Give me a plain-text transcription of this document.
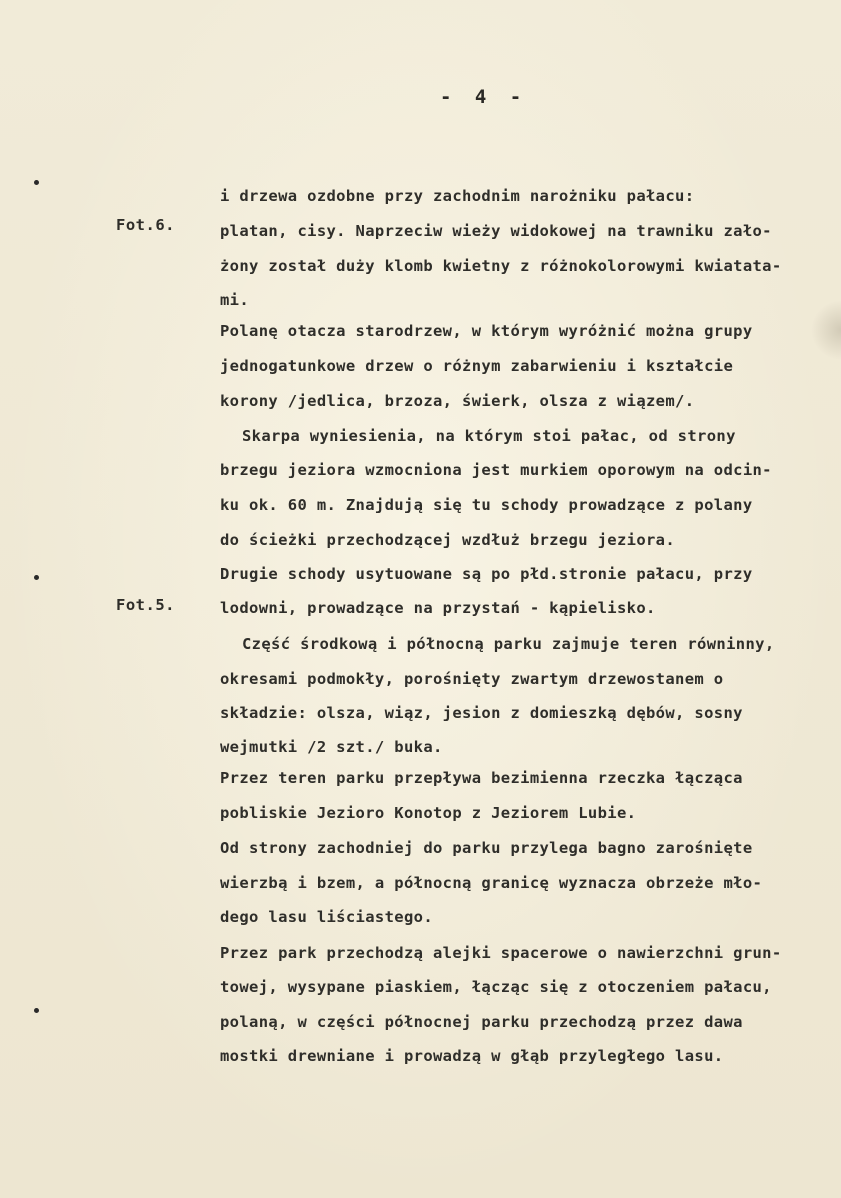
- 4 -
Fot.6.
Fot.5.
i drzewa ozdobne przy zachodnim narożniku pałacu:
platan, cisy. Naprzeciw wieży widokowej na trawniku zało-
żony został duży klomb kwietny z różnokolorowymi kwiatata-
mi.
Polanę otacza starodrzew, w którym wyróżnić można grupy
jednogatunkowe drzew o różnym zabarwieniu i kształcie
korony /jedlica, brzoza, świerk, olsza z wiązem/.
Skarpa wyniesienia, na którym stoi pałac, od strony
brzegu jeziora wzmocniona jest murkiem oporowym na odcin-
ku ok. 60 m. Znajdują się tu schody prowadzące z polany
do ścieżki przechodzącej wzdłuż brzegu jeziora.
Drugie schody usytuowane są po płd.stronie pałacu, przy
lodowni, prowadzące na przystań - kąpielisko.
Część środkową i północną parku zajmuje teren równinny,
okresami podmokły, porośnięty zwartym drzewostanem o
składzie: olsza, wiąz, jesion z domieszką dębów, sosny
wejmutki /2 szt./ buka.
Przez teren parku przepływa bezimienna rzeczka łącząca
pobliskie Jezioro Konotop z Jeziorem Lubie.
Od strony zachodniej do parku przylega bagno zarośnięte
wierzbą i bzem, a północną granicę wyznacza obrzeże mło-
dego lasu liściastego.
Przez park przechodzą alejki spacerowe o nawierzchni grun-
towej, wysypane piaskiem, łącząc się z otoczeniem pałacu,
polaną, w części północnej parku przechodzą przez dawa
mostki drewniane i prowadzą w głąb przyległego lasu.
